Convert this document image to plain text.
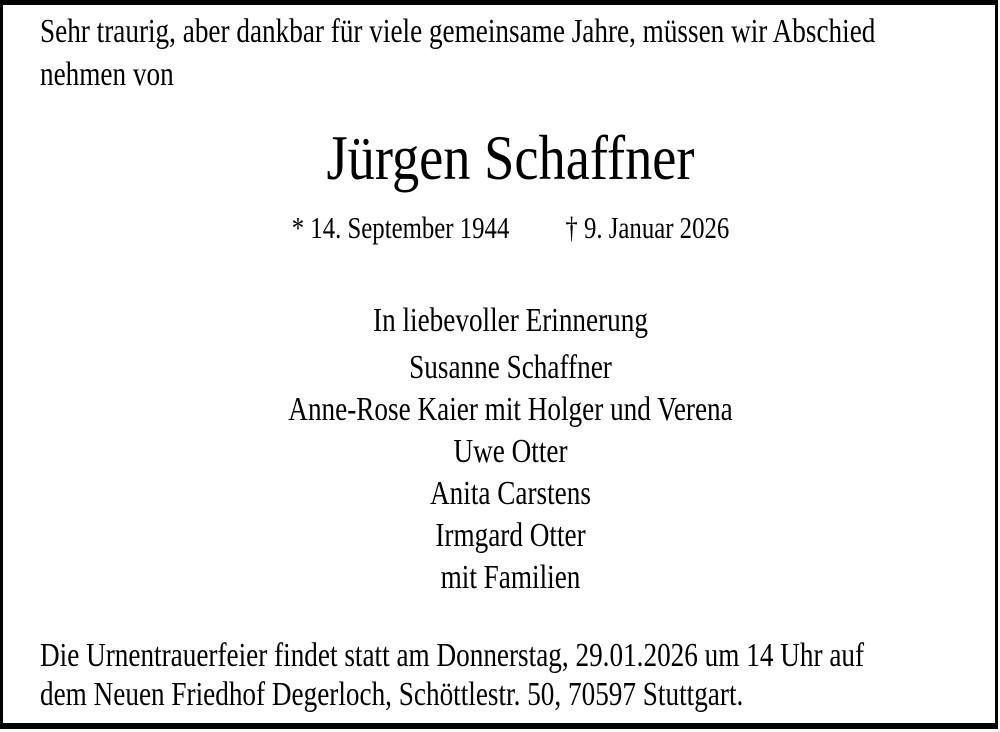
Sehr traurig, aber dankbar für viele gemeinsame Jahre, müssen wir Abschied
nehmen von
Jürgen Schaffner
* 14. September 1944 † 9. Januar 2026
In liebevoller Erinnerung
Susanne Schaffner
Anne-Rose Kaier mit Holger und Verena
Uwe Otter
Anita Carstens
Irmgard Otter
mit Familien
Die Urnentrauerfeier findet statt am Donnerstag, 29.01.2026 um 14 Uhr auf
dem Neuen Friedhof Degerloch, Schöttlestr. 50, 70597 Stuttgart.
